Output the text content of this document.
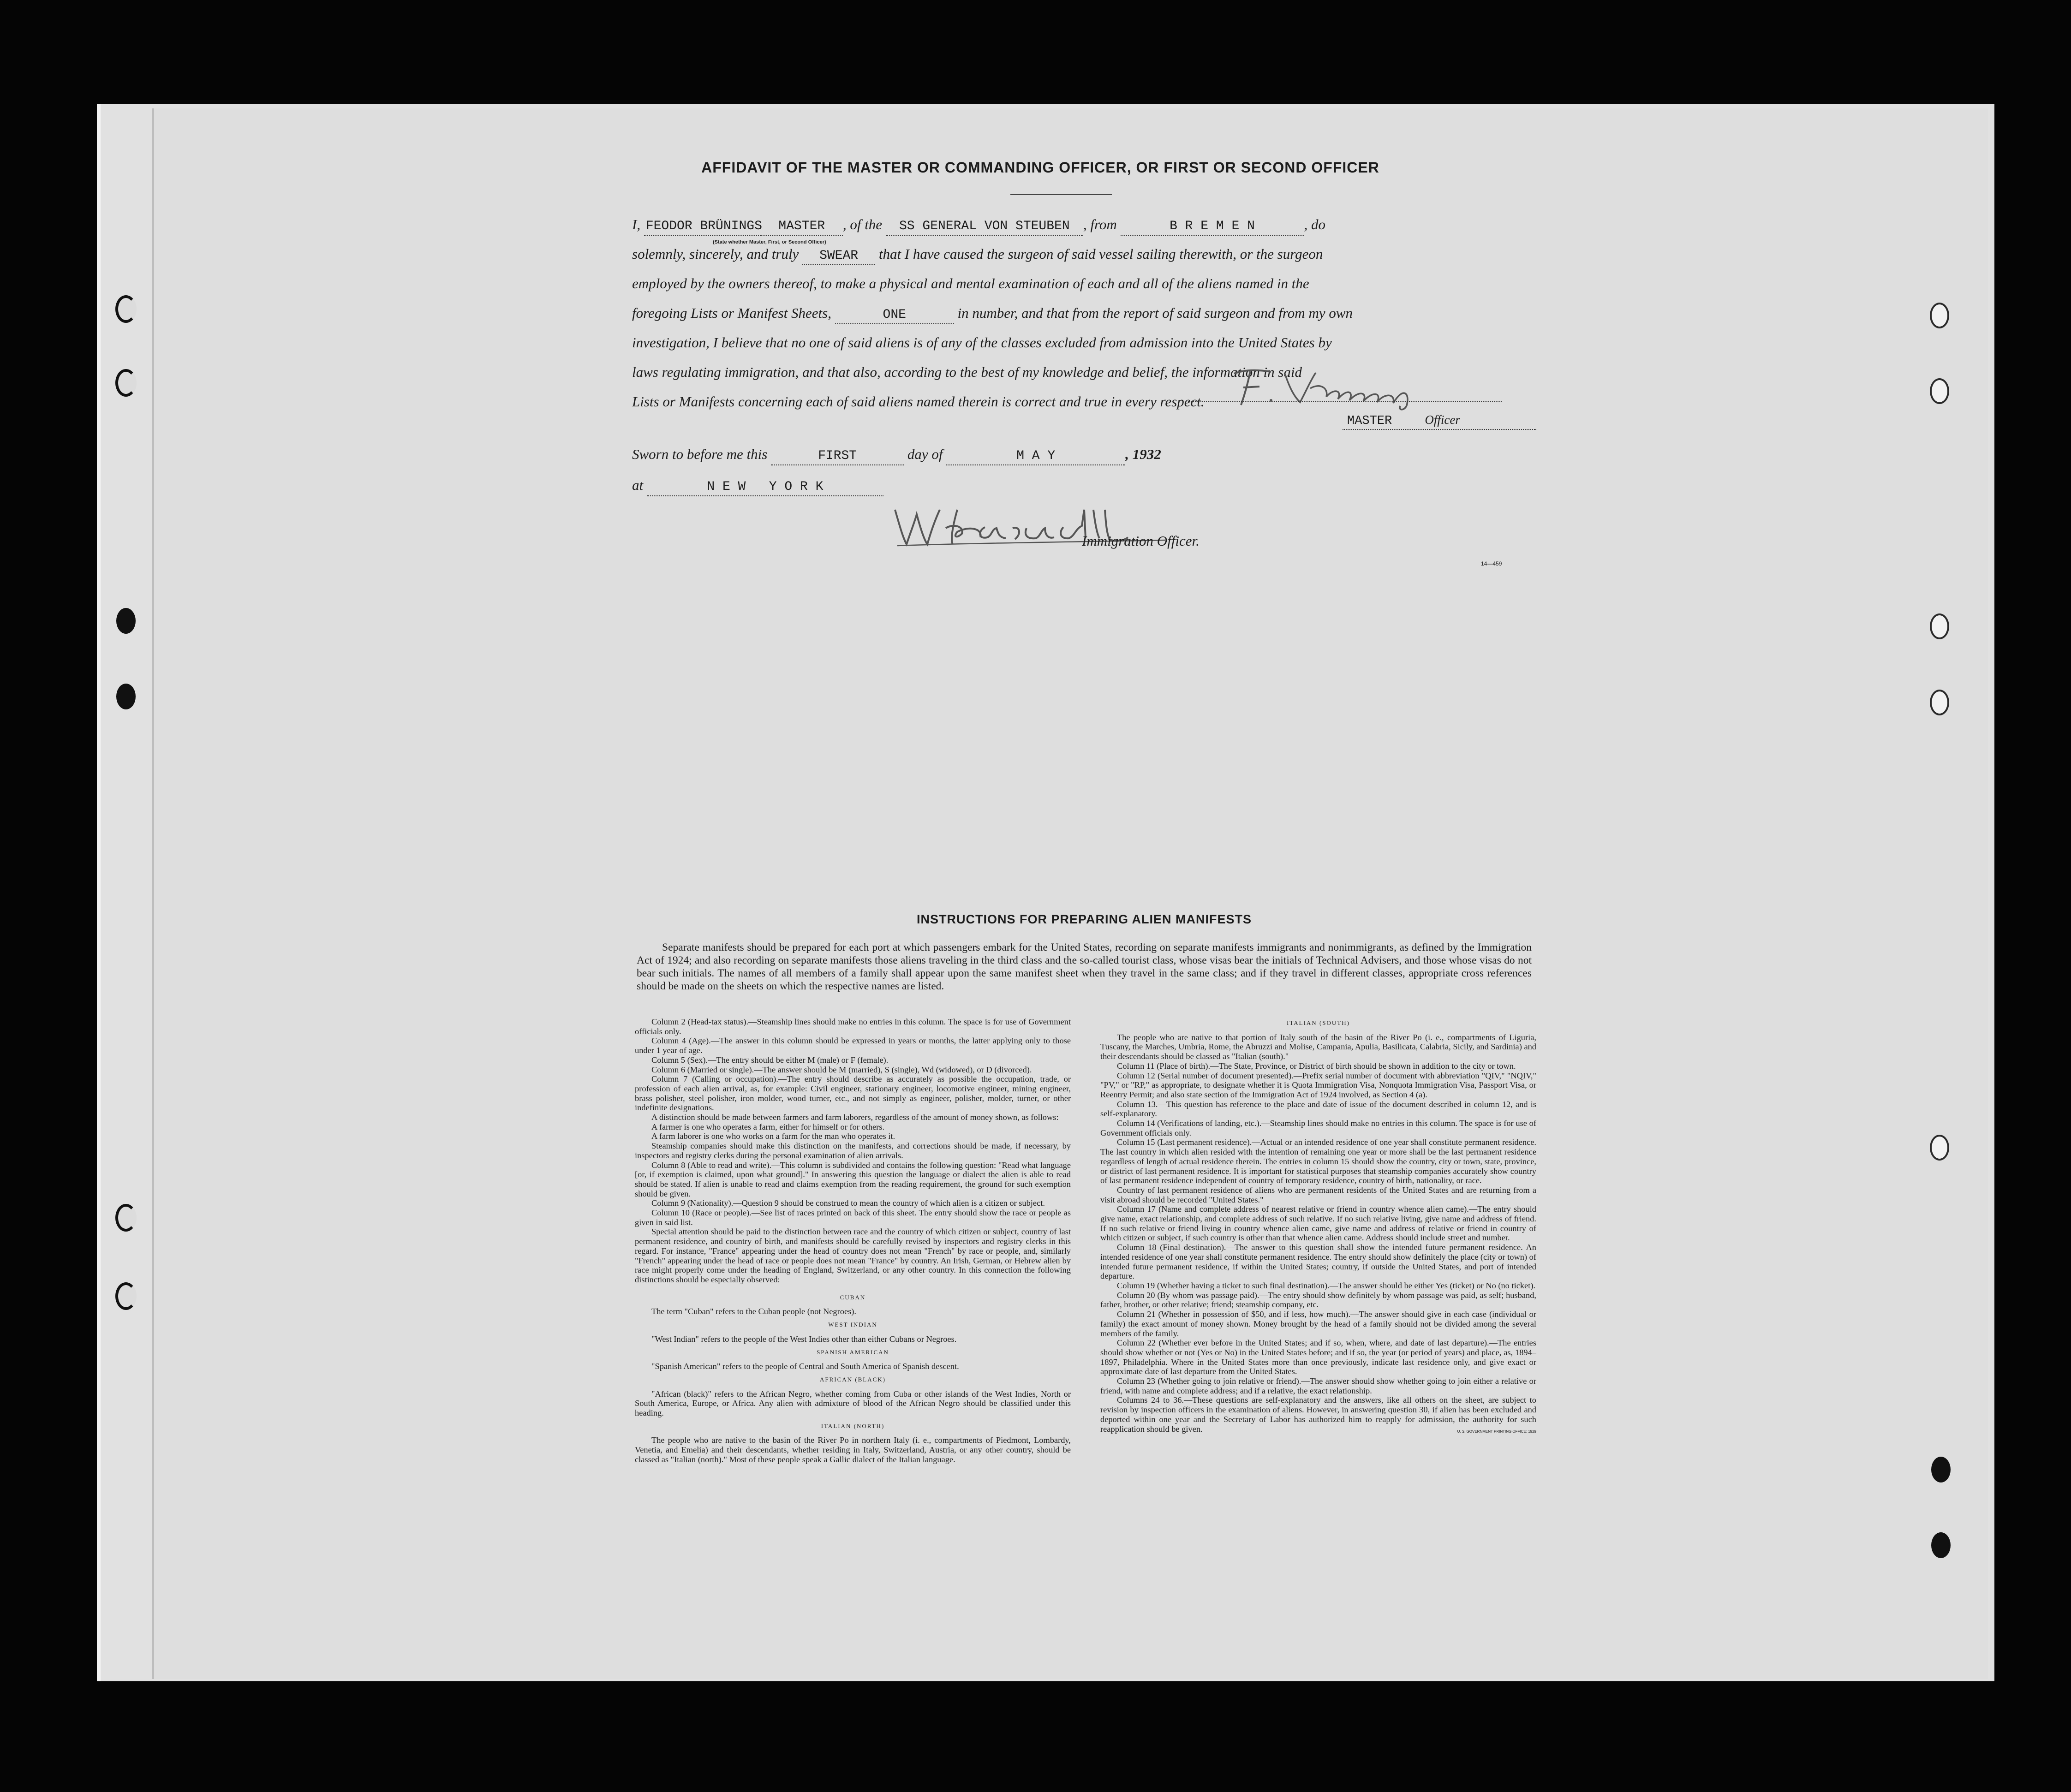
AFFIDAVIT OF THE MASTER OR COMMANDING OFFICER, OR FIRST OR SECOND OFFICER
I, FEODOR BRÜNINGS MASTER , of the SS GENERAL VON STEUBEN , from	B R E M E N	, do
(State whether Master, First, or Second Officer)
solemnly, sincerely, and truly SWEAR that I have caused the surgeon of said vessel sailing therewith, or the surgeon
employed by the owners thereof, to make a physical and mental examination of each and all of the aliens named in the
foregoing Lists or Manifest Sheets,	ONE	in number, and that from the report of said surgeon and from my own
investigation, I believe that no one of said aliens is of any of the classes excluded from admission into the United States by
laws regulating immigration, and that also, according to the best of my knowledge and belief, the information in said
Lists or Manifests concerning each of said aliens named therein is correct and true in every respect.
MASTER	Officer
Sworn to before me this	FIRST	day of	M A Y	, 1932
at	N E W   Y O R K
Immigration Officer.
14—459
INSTRUCTIONS FOR PREPARING ALIEN MANIFESTS
Separate manifests should be prepared for each port at which passengers embark for the United States, recording on separate manifests immigrants and nonimmigrants, as defined by the Immigration Act of 1924; and also recording on separate manifests those aliens traveling in the third class and the so-called tourist class, whose visas bear the initials of Technical Advisers, and those whose visas do not bear such initials. The names of all members of a family shall appear upon the same manifest sheet when they travel in the same class; and if they travel in different classes, appropriate cross references should be made on the sheets on which the respective names are listed.

Column 2 (Head-tax status).—Steamship lines should make no entries in this column. The space is for use of Government officials only.

Column 4 (Age).—The answer in this column should be expressed in years or months, the latter applying only to those under 1 year of age.

Column 5 (Sex).—The entry should be either M (male) or F (female).

Column 6 (Married or single).—The answer should be M (married), S (single), Wd (widowed), or D (divorced).

Column 7 (Calling or occupation).—The entry should describe as accurately as possible the occupation, trade, or profession of each alien arrival, as, for example: Civil engineer, stationary engineer, locomotive engineer, mining engineer, brass polisher, steel polisher, iron molder, wood turner, etc., and not simply as engineer, polisher, molder, turner, or other indefinite designations.

A distinction should be made between farmers and farm laborers, regardless of the amount of money shown, as follows:

A farmer is one who operates a farm, either for himself or for others.

A farm laborer is one who works on a farm for the man who operates it.

Steamship companies should make this distinction on the manifests, and corrections should be made, if necessary, by inspectors and registry clerks during the personal examination of alien arrivals.

Column 8 (Able to read and write).—This column is subdivided and contains the following question: "Read what language [or, if exemption is claimed, upon what ground]." In answering this question the language or dialect the alien is able to read should be stated. If alien is unable to read and claims exemption from the reading requirement, the ground for such exemption should be given.

Column 9 (Nationality).—Question 9 should be construed to mean the country of which alien is a citizen or subject.

Column 10 (Race or people).—See list of races printed on back of this sheet. The entry should show the race or people as given in said list.

Special attention should be paid to the distinction between race and the country of which citizen or subject, country of last permanent residence, and country of birth, and manifests should be carefully revised by inspectors and registry clerks in this regard. For instance, "France" appearing under the head of country does not mean "French" by race or people, and, similarly "French" appearing under the head of race or people does not mean "France" by country. An Irish, German, or Hebrew alien by race might properly come under the heading of England, Switzerland, or any other country. In this connection the following distinctions should be especially observed:

CUBAN

The term "Cuban" refers to the Cuban people (not Negroes).

WEST INDIAN

"West Indian" refers to the people of the West Indies other than either Cubans or Negroes.

SPANISH AMERICAN

"Spanish American" refers to the people of Central and South America of Spanish descent.

AFRICAN (BLACK)

"African (black)" refers to the African Negro, whether coming from Cuba or other islands of the West Indies, North or South America, Europe, or Africa. Any alien with admixture of blood of the African Negro should be classified under this heading.

ITALIAN (NORTH)

The people who are native to the basin of the River Po in northern Italy (i. e., compartments of Piedmont, Lombardy, Venetia, and Emelia) and their descendants, whether residing in Italy, Switzerland, Austria, or any other country, should be classed as "Italian (north)." Most of these people speak a Gallic dialect of the Italian language.

ITALIAN (SOUTH)

The people who are native to that portion of Italy south of the basin of the River Po (i. e., compartments of Liguria, Tuscany, the Marches, Umbria, Rome, the Abruzzi and Molise, Campania, Apulia, Basilicata, Calabria, Sicily, and Sardinia) and their descendants should be classed as "Italian (south)."

Column 11 (Place of birth).—The State, Province, or District of birth should be shown in addition to the city or town.

Column 12 (Serial number of document presented).—Prefix serial number of document with abbreviation "QIV," "NQIV," "PV," or "RP," as appropriate, to designate whether it is Quota Immigration Visa, Nonquota Immigration Visa, Passport Visa, or Reentry Permit; and also state section of the Immigration Act of 1924 involved, as Section 4 (a).

Column 13.—This question has reference to the place and date of issue of the document described in column 12, and is self-explanatory.

Column 14 (Verifications of landing, etc.).—Steamship lines should make no entries in this column. The space is for use of Government officials only.

Column 15 (Last permanent residence).—Actual or an intended residence of one year shall constitute permanent residence. The last country in which alien resided with the intention of remaining one year or more shall be the last permanent residence regardless of length of actual residence therein. The entries in column 15 should show the country, city or town, state, province, or district of last permanent residence. It is important for statistical purposes that steamship companies accurately show country of last permanent residence independent of country of temporary residence, country of birth, nationality, or race.

Country of last permanent residence of aliens who are permanent residents of the United States and are returning from a visit abroad should be recorded "United States."

Column 17 (Name and complete address of nearest relative or friend in country whence alien came).—The entry should give name, exact relationship, and complete address of such relative. If no such relative living, give name and address of friend. If no such relative or friend living in country whence alien came, give name and address of relative or friend in country of which citizen or subject, if such country is other than that whence alien came. Address should include street and number.

Column 18 (Final destination).—The answer to this question shall show the intended future permanent residence. An intended residence of one year shall constitute permanent residence. The entry should show definitely the place (city or town) of intended future permanent residence, if within the United States; country, if outside the United States, and port of intended departure.

Column 19 (Whether having a ticket to such final destination).—The answer should be either Yes (ticket) or No (no ticket).

Column 20 (By whom was passage paid).—The entry should show definitely by whom passage was paid, as self; husband, father, brother, or other relative; friend; steamship company, etc.

Column 21 (Whether in possession of $50, and if less, how much).—The answer should give in each case (individual or family) the exact amount of money shown. Money brought by the head of a family should not be divided among the several members of the family.

Column 22 (Whether ever before in the United States; and if so, when, where, and date of last departure).—The entries should show whether or not (Yes or No) in the United States before; and if so, the year (or period of years) and place, as, 1894–1897, Philadelphia. Where in the United States more than once previously, indicate last residence only, and give exact or approximate date of last departure from the United States.

Column 23 (Whether going to join relative or friend).—The answer should show whether going to join either a relative or friend, with name and complete address; and if a relative, the exact relationship.

Columns 24 to 36.—These questions are self-explanatory and the answers, like all others on the sheet, are subject to revision by inspection officers in the examination of aliens. However, in answering question 30, if alien has been excluded and deported within one year and the Secretary of Labor has authorized him to reapply for admission, the authority for such reapplication should be given.	U. S. GOVERNMENT PRINTING OFFICE: 1929
